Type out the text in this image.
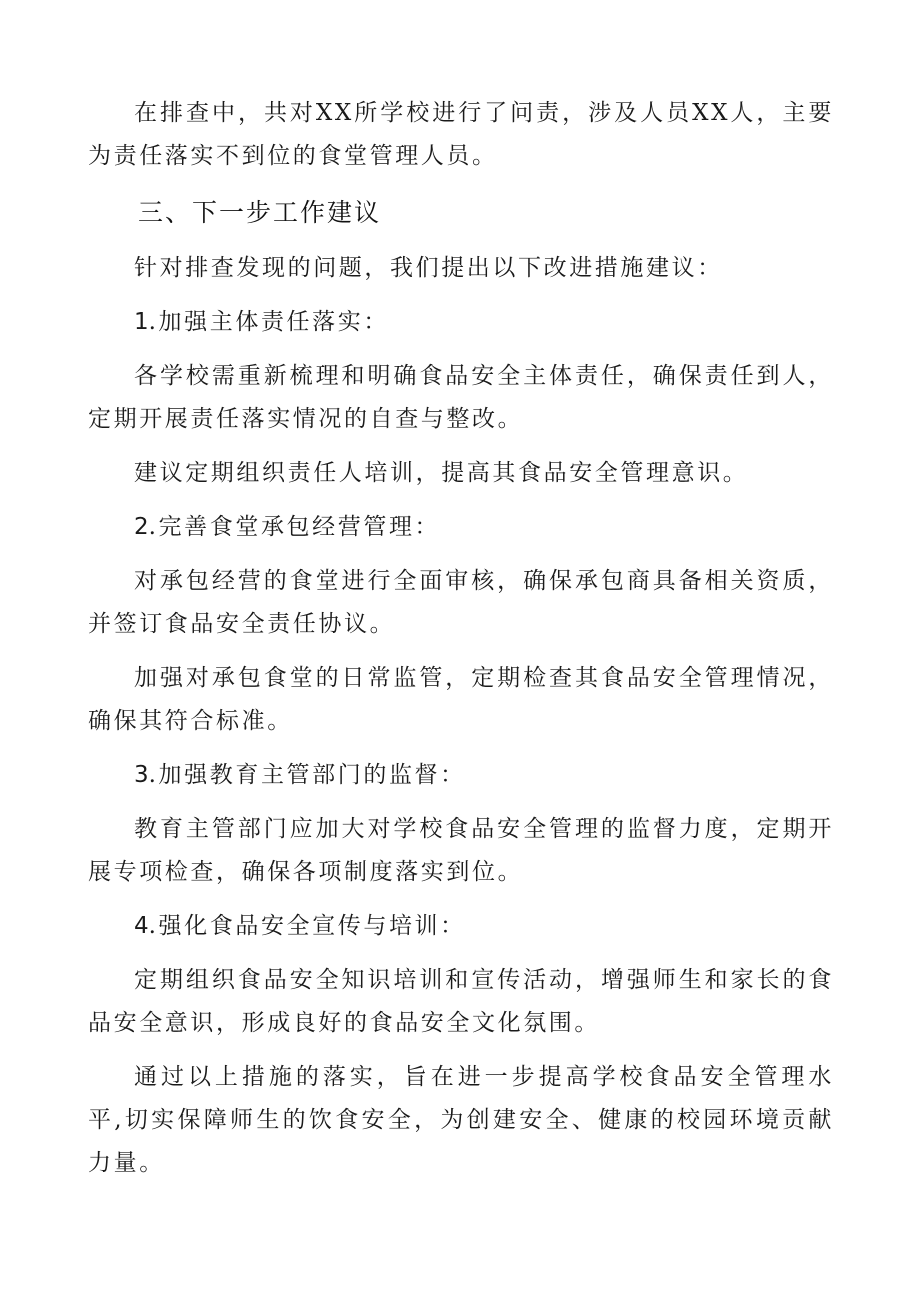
在排查中，共对XX所学校进行了问责，涉及人员XX人，主要为责任落实不到位的食堂管理人员。

三、下一步工作建议

针对排查发现的问题，我们提出以下改进措施建议：

1.加强主体责任落实：

各学校需重新梳理和明确食品安全主体责任，确保责任到人，定期开展责任落实情况的自查与整改。

建议定期组织责任人培训，提高其食品安全管理意识。

2.完善食堂承包经营管理：

对承包经营的食堂进行全面审核，确保承包商具备相关资质，并签订食品安全责任协议。

加强对承包食堂的日常监管，定期检查其食品安全管理情况，确保其符合标准。

3.加强教育主管部门的监督：

教育主管部门应加大对学校食品安全管理的监督力度，定期开展专项检查，确保各项制度落实到位。

4.强化食品安全宣传与培训：

定期组织食品安全知识培训和宣传活动，增强师生和家长的食品安全意识，形成良好的食品安全文化氛围。

通过以上措施的落实，旨在进一步提高学校食品安全管理水平,切实保障师生的饮食安全，为创建安全、健康的校园环境贡献力量。
